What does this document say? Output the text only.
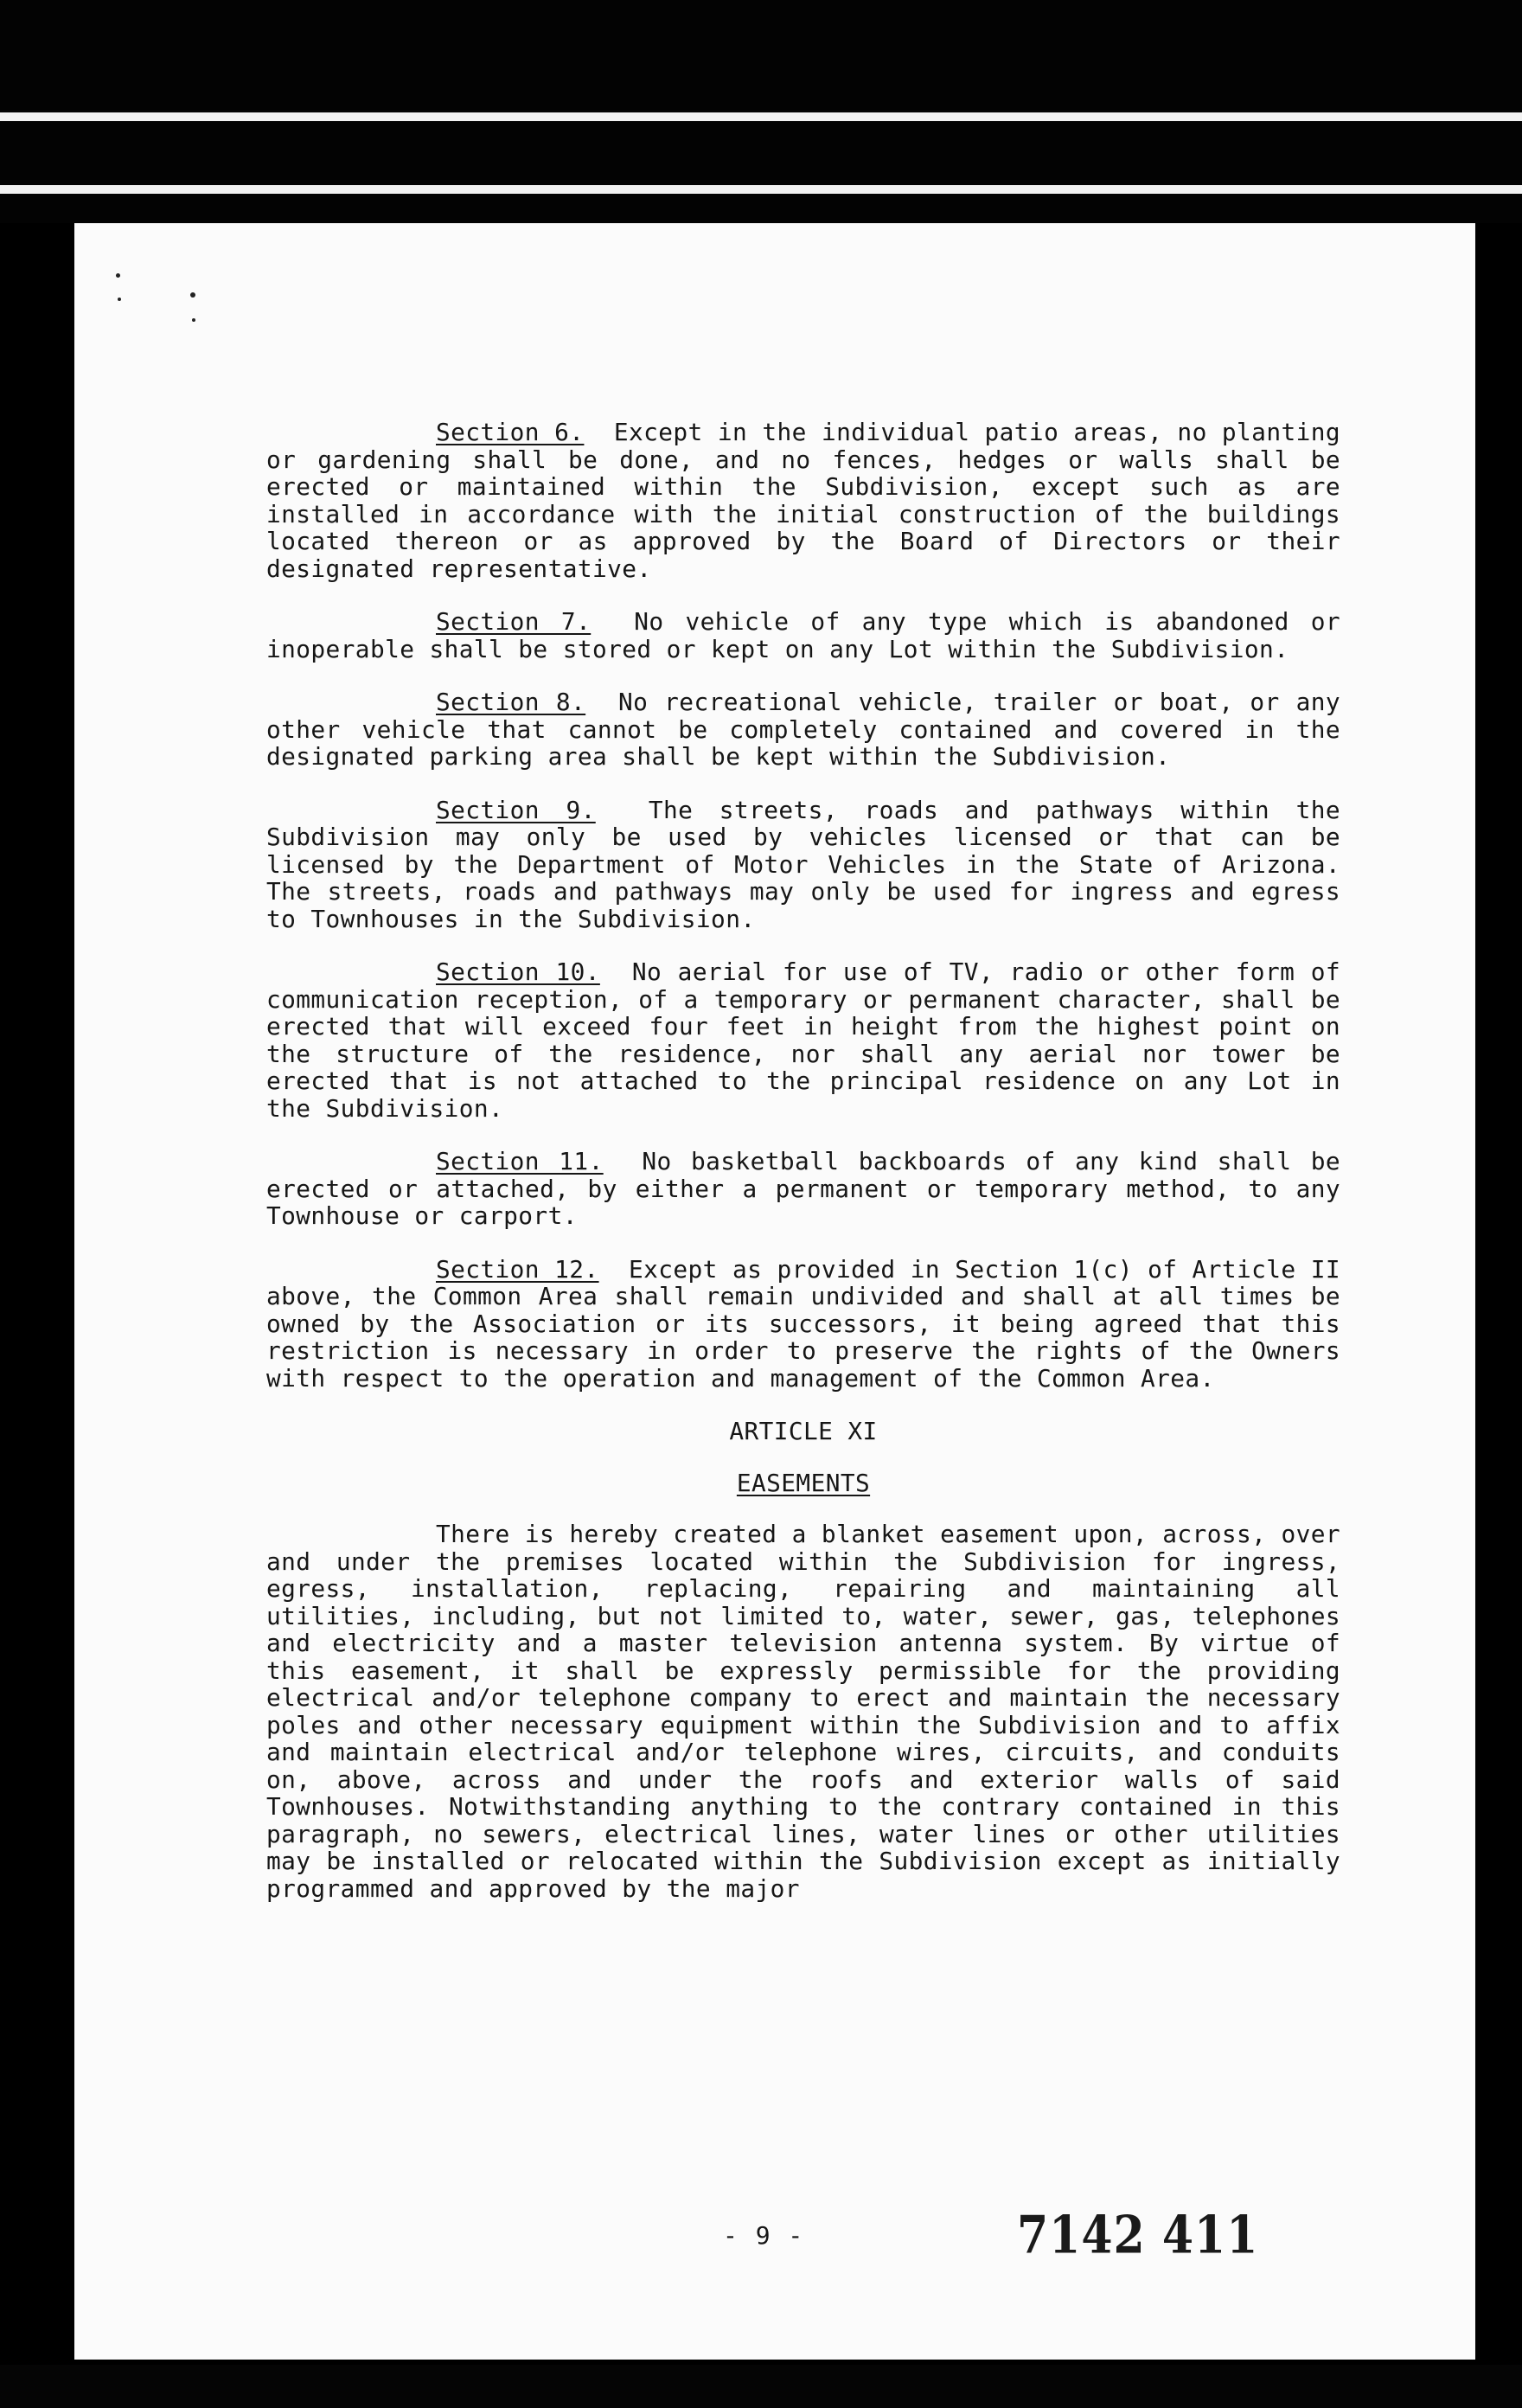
Section 6. Except in the individual patio areas, no planting or gardening shall be done, and no fences, hedges or walls shall be erected or maintained within the Subdivision, except such as are installed in accordance with the initial construction of the buildings located thereon or as approved by the Board of Directors or their designated representative.

Section 7. No vehicle of any type which is abandoned or inoperable shall be stored or kept on any Lot within the Subdivision.

Section 8. No recreational vehicle, trailer or boat, or any other vehicle that cannot be completely contained and covered in the designated parking area shall be kept within the Subdivision.

Section 9. The streets, roads and pathways within the Subdivision may only be used by vehicles licensed or that can be licensed by the Department of Motor Vehicles in the State of Arizona. The streets, roads and pathways may only be used for ingress and egress to Townhouses in the Subdivision.

Section 10. No aerial for use of TV, radio or other form of communication reception, of a temporary or permanent character, shall be erected that will exceed four feet in height from the highest point on the structure of the residence, nor shall any aerial nor tower be erected that is not attached to the principal residence on any Lot in the Subdivision.

Section 11. No basketball backboards of any kind shall be erected or attached, by either a permanent or temporary method, to any Townhouse or carport.

Section 12. Except as provided in Section 1(c) of Article II above, the Common Area shall remain undivided and shall at all times be owned by the Association or its successors, it being agreed that this restriction is necessary in order to preserve the rights of the Owners with respect to the operation and management of the Common Area.

ARTICLE XI

EASEMENTS

There is hereby created a blanket easement upon, across, over and under the premises located within the Subdivision for ingress, egress, installation, replacing, repairing and maintaining all utilities, including, but not limited to, water, sewer, gas, telephones and electricity and a master television antenna system. By virtue of this easement, it shall be expressly permissible for the providing electrical and/or telephone company to erect and maintain the necessary poles and other necessary equipment within the Subdivision and to affix and maintain electrical and/or telephone wires, circuits, and conduits on, above, across and under the roofs and exterior walls of said Townhouses. Notwithstanding anything to the contrary contained in this paragraph, no sewers, electrical lines, water lines or other utilities may be installed or relocated within the Subdivision except as initially programmed and approved by the major

- 9 -	7142 411
